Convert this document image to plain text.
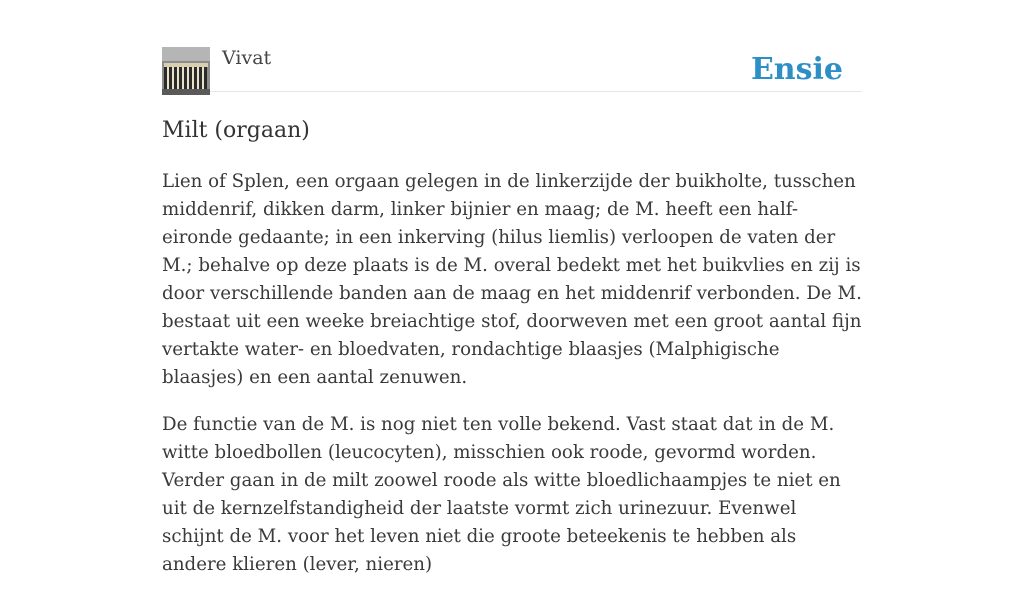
Vivat	Ensie
Milt (orgaan)

Lien of Splen, een orgaan gelegen in de linkerzijde der buikholte, tusschen middenrif, dikken darm, linker bijnier en maag; de M. heeft een half-eironde gedaante; in een inkerving (hilus liemlis) verloopen de vaten der M.; behalve op deze plaats is de M. overal bedekt met het buikvlies en zij is door verschillende banden aan de maag en het middenrif verbonden. De M. bestaat uit een weeke breiachtige stof, doorweven met een groot aantal fijn vertakte water- en bloedvaten, rondachtige blaasjes (Malphigische blaasjes) en een aantal zenuwen.

De functie van de M. is nog niet ten volle bekend. Vast staat dat in de M. witte bloedbollen (leucocyten), misschien ook roode, gevormd worden. Verder gaan in de milt zoowel roode als witte bloedlichaampjes te niet en uit de kernzelfstandigheid der laatste vormt zich urinezuur. Evenwel schijnt de M. voor het leven niet die groote beteekenis te hebben als andere klieren (lever, nieren)
